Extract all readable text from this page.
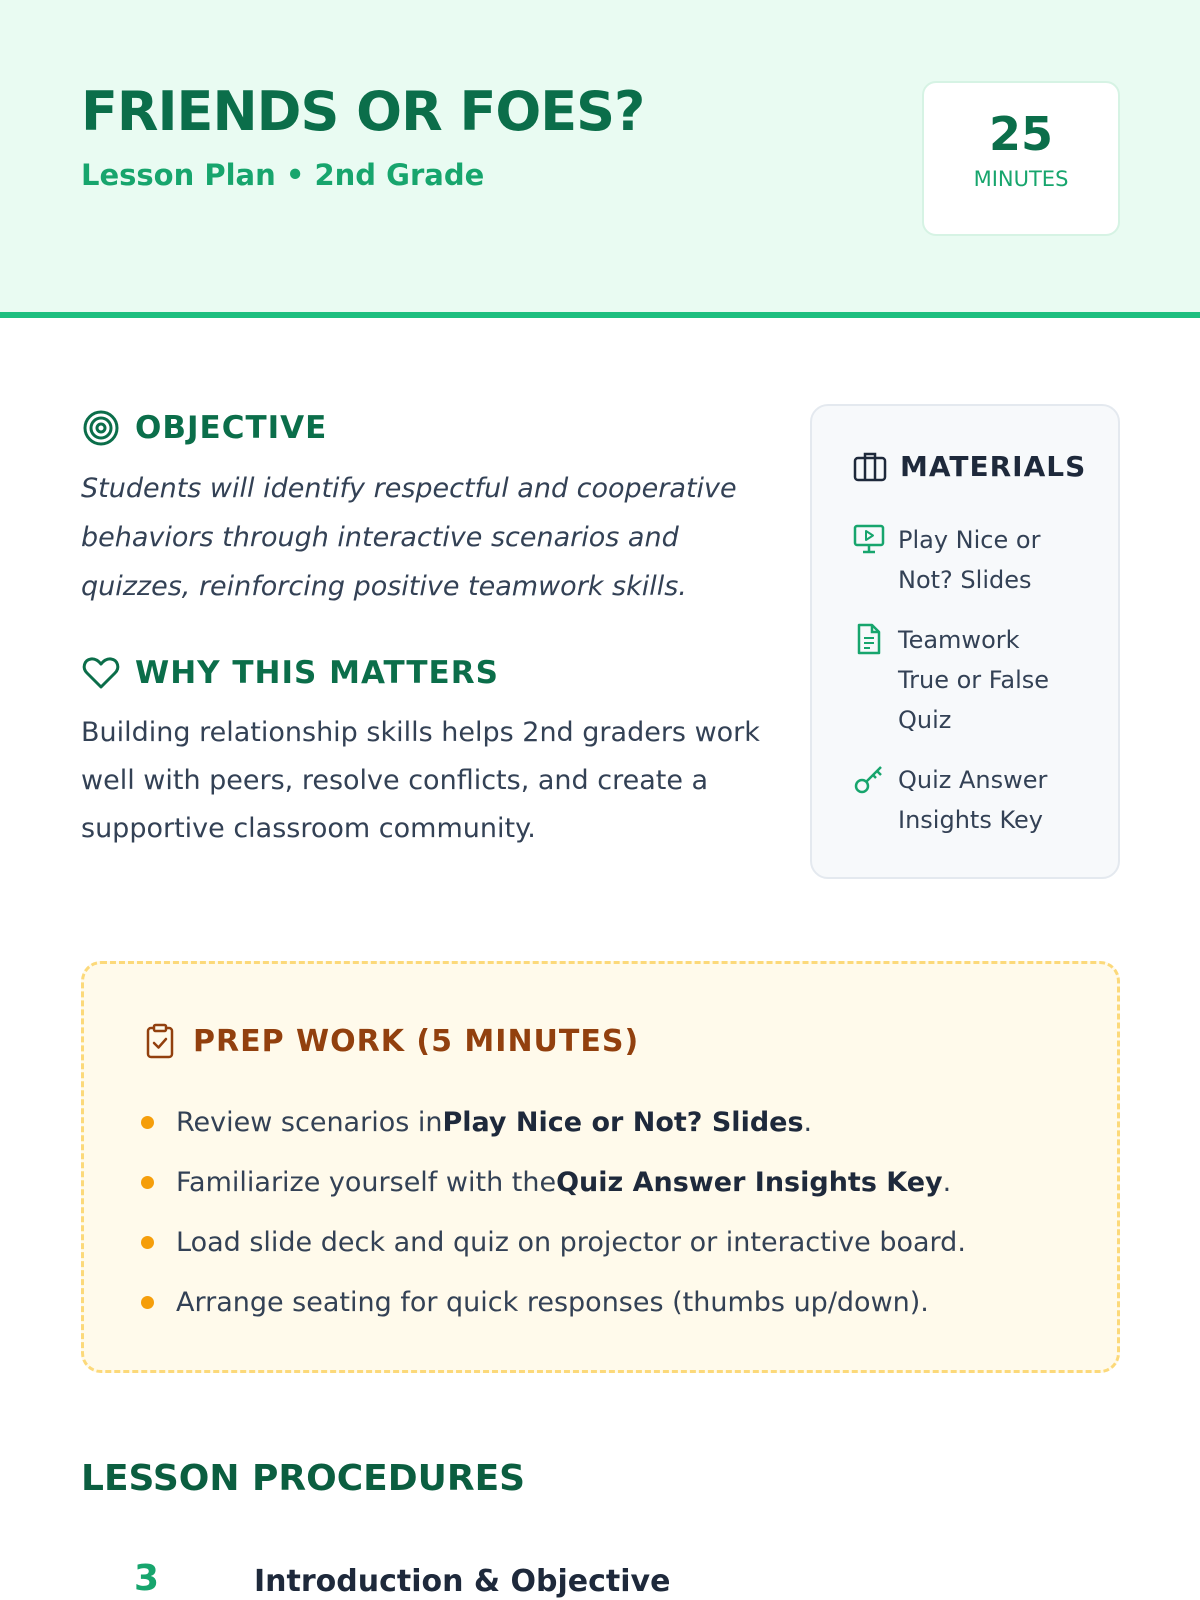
FRIENDS OR FOES?
Lesson Plan • 2nd Grade
25
MINUTES
OBJECTIVE
Students will identify respectful and cooperative behaviors through interactive scenarios and quizzes, reinforcing positive teamwork skills.
WHY THIS MATTERS
Building relationship skills helps 2nd graders work well with peers, resolve conflicts, and create a supportive classroom community.
MATERIALS
Play Nice or Not? Slides
Teamwork True or False Quiz
Quiz Answer Insights Key
PREP WORK (5 MINUTES)
Review scenarios in Play Nice or Not? Slides .
Familiarize yourself with the Quiz Answer Insights Key .
Load slide deck and quiz on projector or interactive board.
Arrange seating for quick responses (thumbs up/down).
LESSON PROCEDURES
3	Introduction & Objective
